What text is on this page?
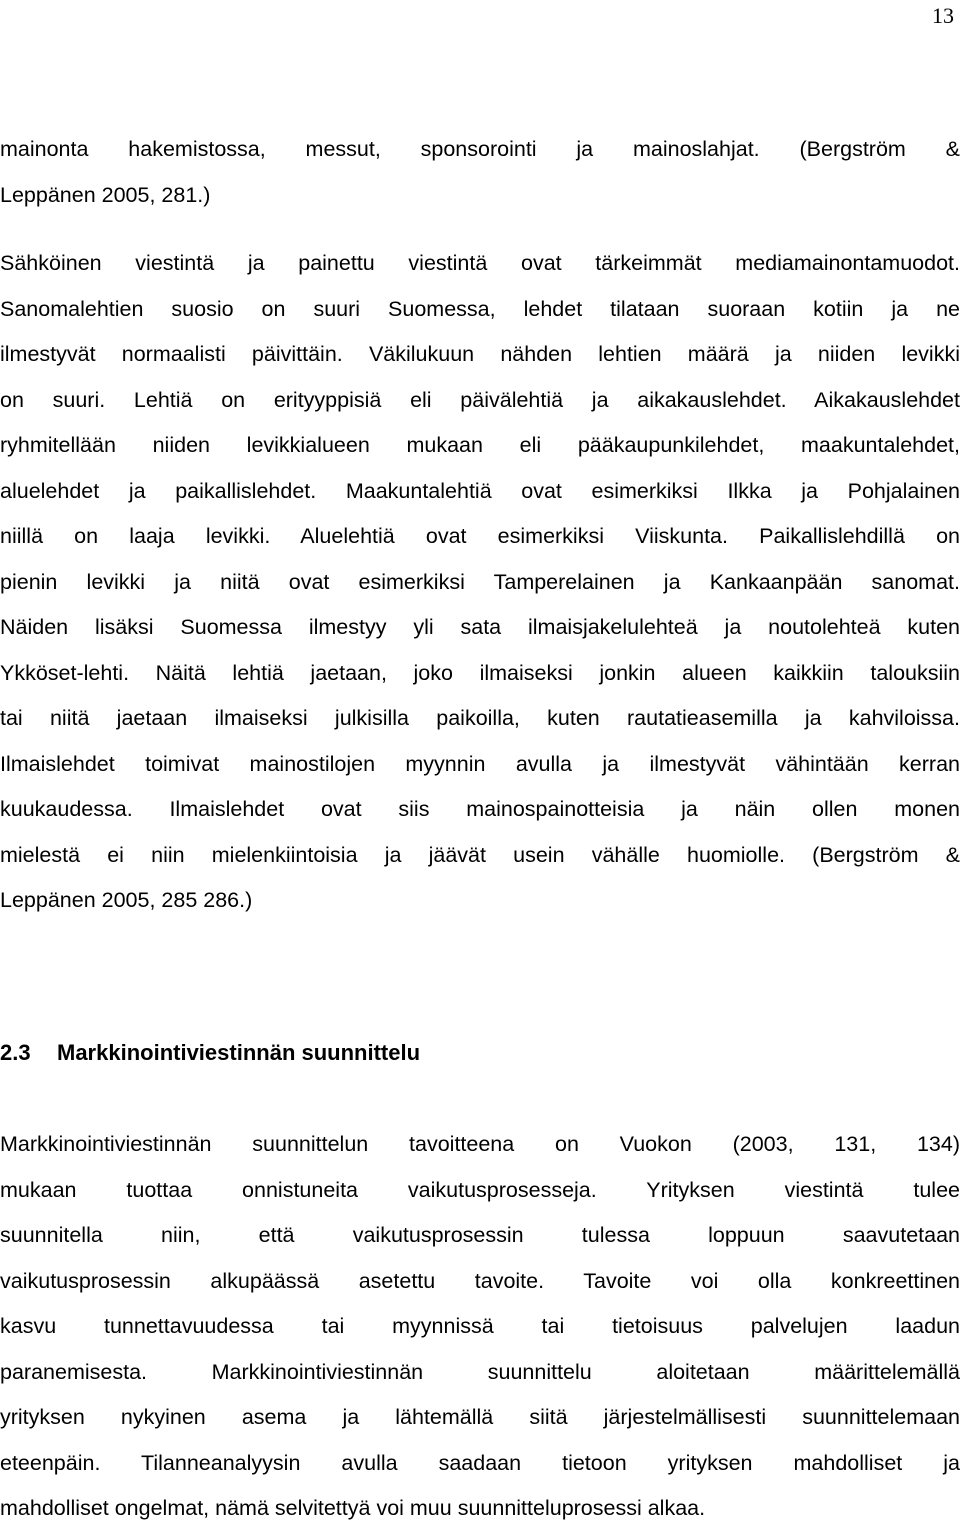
13

mainonta hakemistossa, messut, sponsorointi ja mainoslahjat. (Bergström &
Leppänen 2005, 281.)

Sähköinen viestintä ja painettu viestintä ovat tärkeimmät mediamainontamuodot.
Sanomalehtien suosio on suuri Suomessa, lehdet tilataan suoraan kotiin ja ne
ilmestyvät normaalisti päivittäin. Väkilukuun nähden lehtien määrä ja niiden levikki
on suuri. Lehtiä on erityyppisiä eli päivälehtiä ja aikakauslehdet. Aikakauslehdet
ryhmitellään niiden levikkialueen mukaan eli pääkaupunkilehdet, maakuntalehdet,
aluelehdet ja paikallislehdet. Maakuntalehtiä ovat esimerkiksi Ilkka ja Pohjalainen
niillä on laaja levikki. Aluelehtiä ovat esimerkiksi Viiskunta. Paikallislehdillä on
pienin levikki ja niitä ovat esimerkiksi Tamperelainen ja Kankaanpään sanomat.
Näiden lisäksi Suomessa ilmestyy yli sata ilmaisjakelulehteä ja noutolehteä kuten
Ykköset-lehti. Näitä lehtiä jaetaan, joko ilmaiseksi jonkin alueen kaikkiin talouksiin
tai niitä jaetaan ilmaiseksi julkisilla paikoilla, kuten rautatieasemilla ja kahviloissa.
Ilmaislehdet toimivat mainostilojen myynnin avulla ja ilmestyvät vähintään kerran
kuukaudessa. Ilmaislehdet ovat siis mainospainotteisia ja näin ollen monen
mielestä ei niin mielenkiintoisia ja jäävät usein vähälle huomiolle. (Bergström &
Leppänen 2005, 285 286.)

2.3 Markkinointiviestinnän suunnittelu

Markkinointiviestinnän suunnittelun tavoitteena on Vuokon (2003, 131, 134)
mukaan tuottaa onnistuneita vaikutusprosesseja. Yrityksen viestintä tulee
suunnitella niin, että vaikutusprosessin tulessa loppuun saavutetaan
vaikutusprosessin alkupäässä asetettu tavoite. Tavoite voi olla konkreettinen
kasvu tunnettavuudessa tai myynnissä tai tietoisuus palvelujen laadun
paranemisesta. Markkinointiviestinnän suunnittelu aloitetaan määrittelemällä
yrityksen nykyinen asema ja lähtemällä siitä järjestelmällisesti suunnittelemaan
eteenpäin. Tilanneanalyysin avulla saadaan tietoon yrityksen mahdolliset ja
mahdolliset ongelmat, nämä selvitettyä voi muu suunnitteluprosessi alkaa.
